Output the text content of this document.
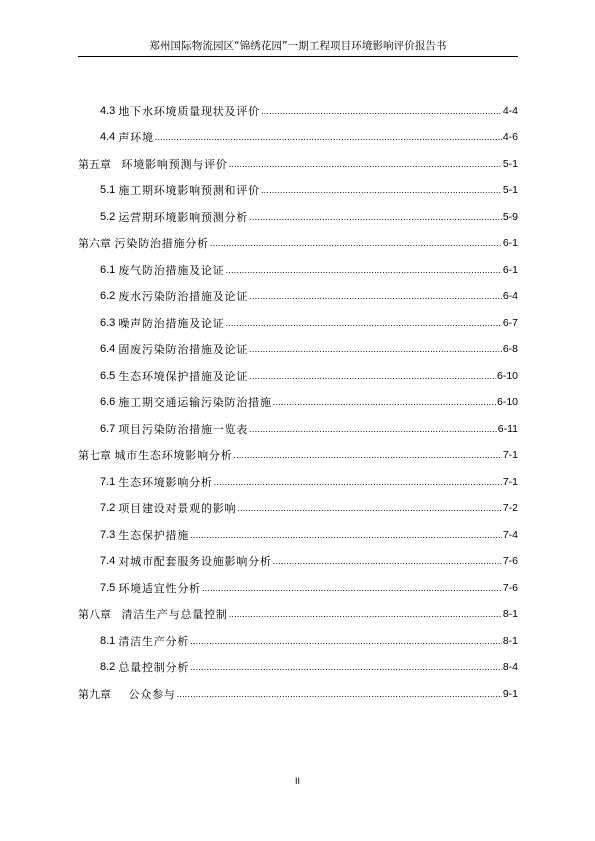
郑州国际物流园区“锦绣花园”一期工程项目环境影响评价报告书
4.3 地下水环境质量现状及评价 .....	4-4
4.4 声环境 .....	4-6
第五章 环境影响预测与评价 .....	5-1
5.1 施工期环境影响预测和评价 .....	5-1
5.2 运营期环境影响预测分析 .....	5-9
第六章 污染防治措施分析 .....	6-1
6.1 废气防治措施及论证 .....	6-1
6.2 废水污染防治措施及论证 .....	6-4
6.3 噪声防治措施及论证 .....	6-7
6.4 固废污染防治措施及论证 .....	6-8
6.5 生态环境保护措施及论证 .....	6-10
6.6 施工期交通运输污染防治措施 .....	6-10
6.7 项目污染防治措施一览表 .....	6-11
第七章 城市生态环境影响分析 .....	7-1
7.1 生态环境影响分析 .....	7-1
7.2 项目建设对景观的影响 .....	7-2
7.3 生态保护措施 .....	7-4
7.4 对城市配套服务设施影响分析 .....	7-6
7.5 环境适宜性分析 .....	7-6
第八章 清洁生产与总量控制 .....	8-1
8.1 清洁生产分析 .....	8-1
8.2 总量控制分析 .....	8-4
第九章 公众参与 .....	9-1
II
